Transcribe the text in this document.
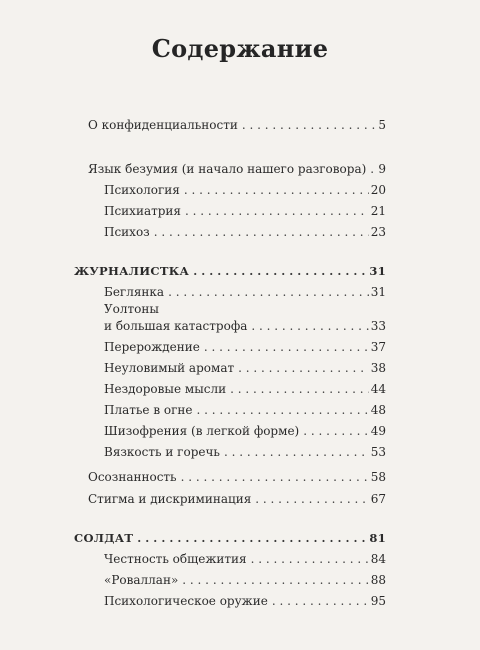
Содержание
О конфиденциальности . . .	5
Язык безумия (и начало нашего разговора) . . . 9
Психология . . .	20
Психиатрия . . .	21
Психоз . . .	23
ЖУРНАЛИСТКА . . .	31
Беглянка . . .	31
Уолтоны
и большая катастрофа . . .	33
Перерождение . . .	37
Неуловимый аромат . . .	38
Нездоровые мысли . . .	44
Платье в огне . . .	48
Шизофрения (в легкой форме) . . .	49
Вязкость и горечь . . .	53
Осознанность . . .	58
Стигма и дискриминация . . .	67
СОЛДАТ . . .	81
Честность общежития . . .	84
«Роваллан» . . .	88
Психологическое оружие . . .	95
